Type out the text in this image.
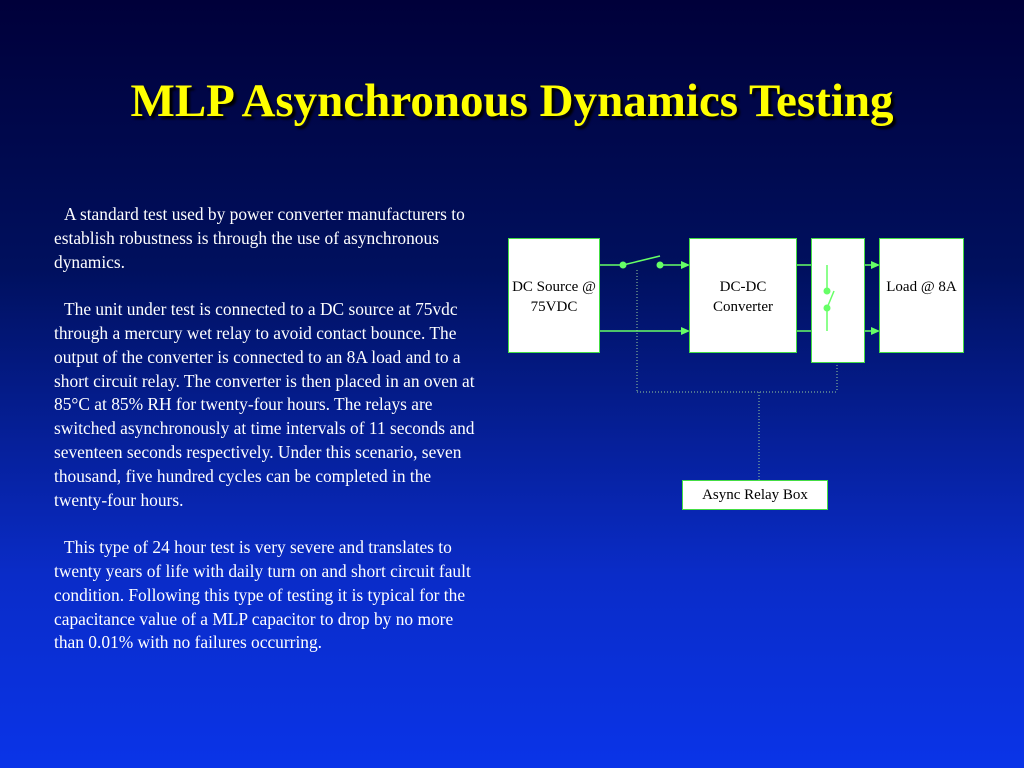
MLP Asynchronous Dynamics Testing

A standard test used by power converter manufacturers to establish robustness is through the use of asynchronous dynamics.

The unit under test is connected to a DC source at 75vdc through a mercury wet relay to avoid contact bounce. The output of the converter is connected to an 8A load and to a short circuit relay. The converter is then placed in an oven at 85°C at 85% RH for twenty-four hours. The relays are switched asynchronously at time intervals of 11 seconds and seventeen seconds respectively. Under this scenario, seven thousand, five hundred cycles can be completed in the twenty-four hours.

This type of 24 hour test is very severe and translates to twenty years of life with daily turn on and short circuit fault condition. Following this type of testing it is typical for the capacitance value of a MLP capacitor to drop by no more than 0.01% with no failures occurring.

DC Source @ 75VDC
DC-DC Converter
Load @ 8A
Async Relay Box
